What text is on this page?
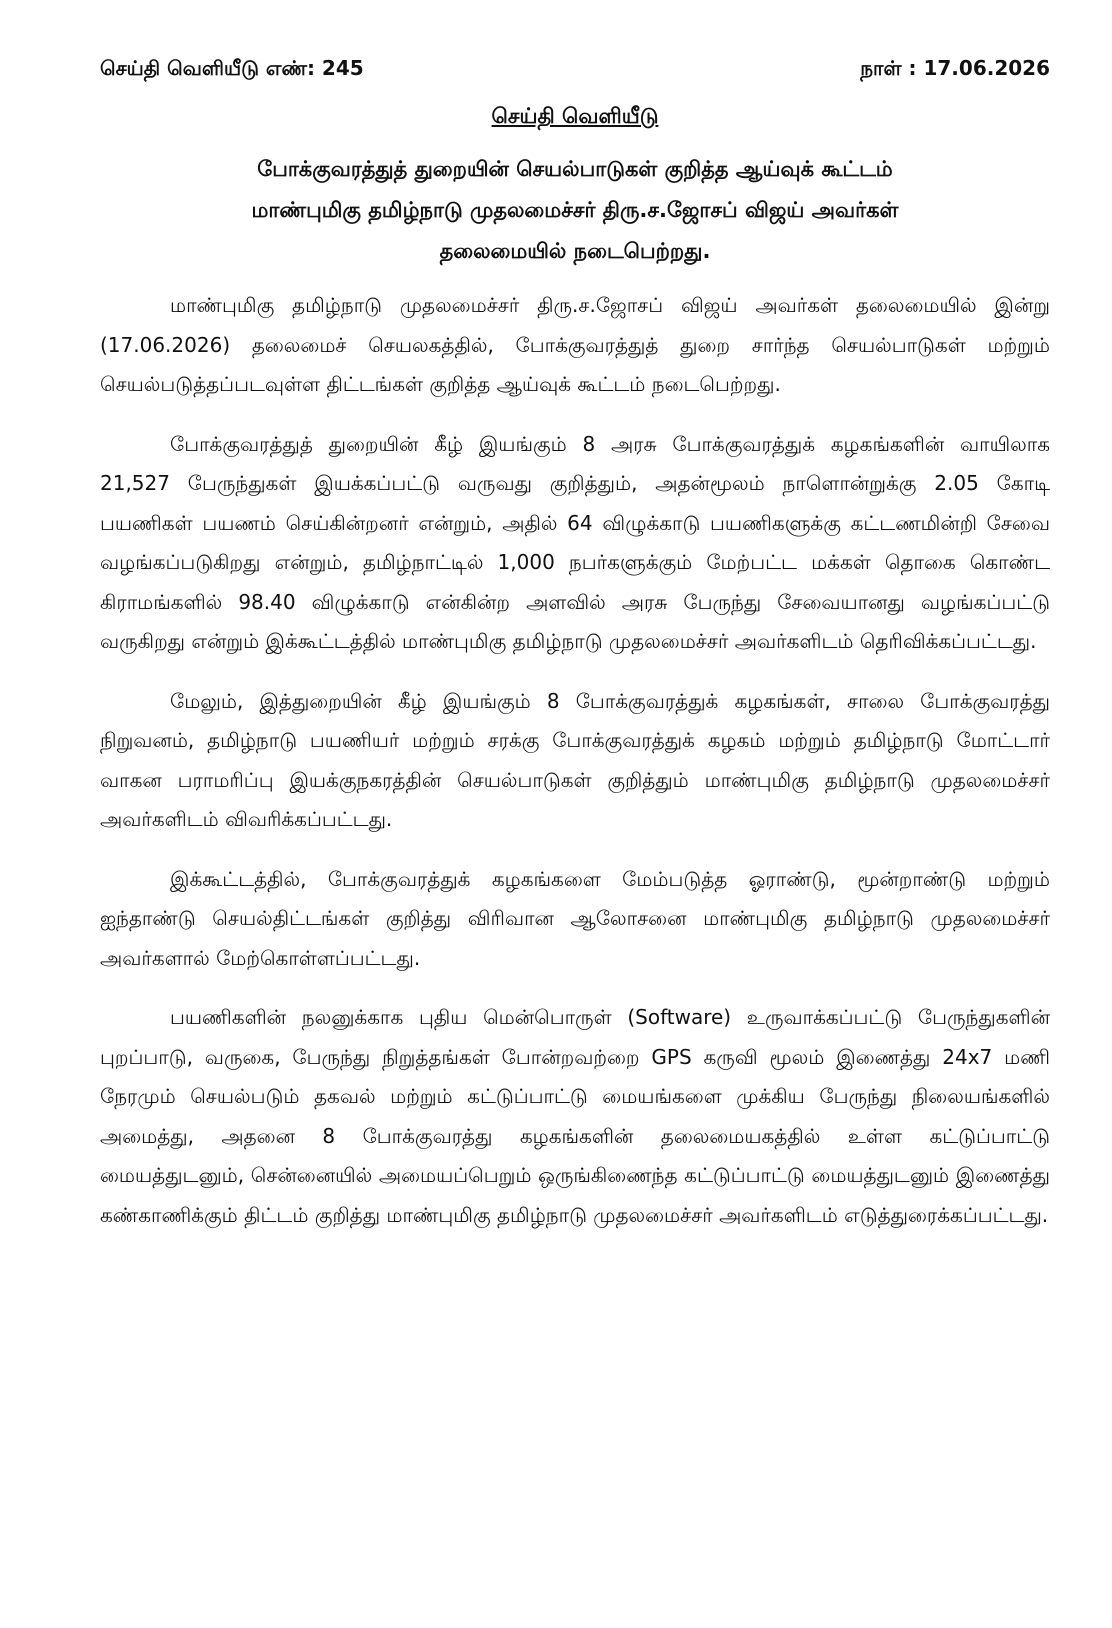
செய்தி வெளியீடு எண்: 245	நாள் : 17.06.2026
செய்தி வெளியீடு
போக்குவரத்துத் துறையின் செயல்பாடுகள் குறித்த ஆய்வுக் கூட்டம்
மாண்புமிகு தமிழ்நாடு முதலமைச்சர் திரு.ச.ஜோசப் விஜய் அவர்கள்
தலைமையில் நடைபெற்றது.

மாண்புமிகு தமிழ்நாடு முதலமைச்சர் திரு.ச.ஜோசப் விஜய் அவர்கள் தலைமையில் இன்று (17.06.2026) தலைமைச் செயலகத்தில், போக்குவரத்துத் துறை சார்ந்த செயல்பாடுகள் மற்றும் செயல்படுத்தப்படவுள்ள திட்டங்கள் குறித்த ஆய்வுக் கூட்டம் நடைபெற்றது.

போக்குவரத்துத் துறையின் கீழ் இயங்கும் 8 அரசு போக்குவரத்துக் கழகங்களின் வாயிலாக 21,527 பேருந்துகள் இயக்கப்பட்டு வருவது குறித்தும், அதன்மூலம் நாளொன்றுக்கு 2.05 கோடி பயணிகள் பயணம் செய்கின்றனர் என்றும், அதில் 64 விழுக்காடு பயணிகளுக்கு கட்டணமின்றி சேவை வழங்கப்படுகிறது என்றும், தமிழ்நாட்டில் 1,000 நபர்களுக்கும் மேற்பட்ட மக்கள் தொகை கொண்ட கிராமங்களில் 98.40 விழுக்காடு என்கின்ற அளவில் அரசு பேருந்து சேவையானது வழங்கப்பட்டு வருகிறது என்றும் இக்கூட்டத்தில் மாண்புமிகு தமிழ்நாடு முதலமைச்சர் அவர்களிடம் தெரிவிக்கப்பட்டது.

மேலும், இத்துறையின் கீழ் இயங்கும் 8 போக்குவரத்துக் கழகங்கள், சாலை போக்குவரத்து நிறுவனம், தமிழ்நாடு பயணியர் மற்றும் சரக்கு போக்குவரத்துக் கழகம் மற்றும் தமிழ்நாடு மோட்டார் வாகன பராமரிப்பு இயக்குநகரத்தின் செயல்பாடுகள் குறித்தும் மாண்புமிகு தமிழ்நாடு முதலமைச்சர் அவர்களிடம் விவரிக்கப்பட்டது.

இக்கூட்டத்தில், போக்குவரத்துக் கழகங்களை மேம்படுத்த ஓராண்டு, மூன்றாண்டு மற்றும் ஐந்தாண்டு செயல்திட்டங்கள் குறித்து விரிவான ஆலோசனை மாண்புமிகு தமிழ்நாடு முதலமைச்சர் அவர்களால் மேற்கொள்ளப்பட்டது.

பயணிகளின் நலனுக்காக புதிய மென்பொருள் (Software) உருவாக்கப்பட்டு பேருந்துகளின் புறப்பாடு, வருகை, பேருந்து நிறுத்தங்கள் போன்றவற்றை GPS கருவி மூலம் இணைத்து 24x7 மணி நேரமும் செயல்படும் தகவல் மற்றும் கட்டுப்பாட்டு மையங்களை முக்கிய பேருந்து நிலையங்களில் அமைத்து, அதனை 8 போக்குவரத்து கழகங்களின் தலைமையகத்தில் உள்ள கட்டுப்பாட்டு மையத்துடனும், சென்னையில் அமையப்பெறும் ஒருங்கிணைந்த கட்டுப்பாட்டு மையத்துடனும் இணைத்து கண்காணிக்கும் திட்டம் குறித்து மாண்புமிகு தமிழ்நாடு முதலமைச்சர் அவர்களிடம் எடுத்துரைக்கப்பட்டது.
